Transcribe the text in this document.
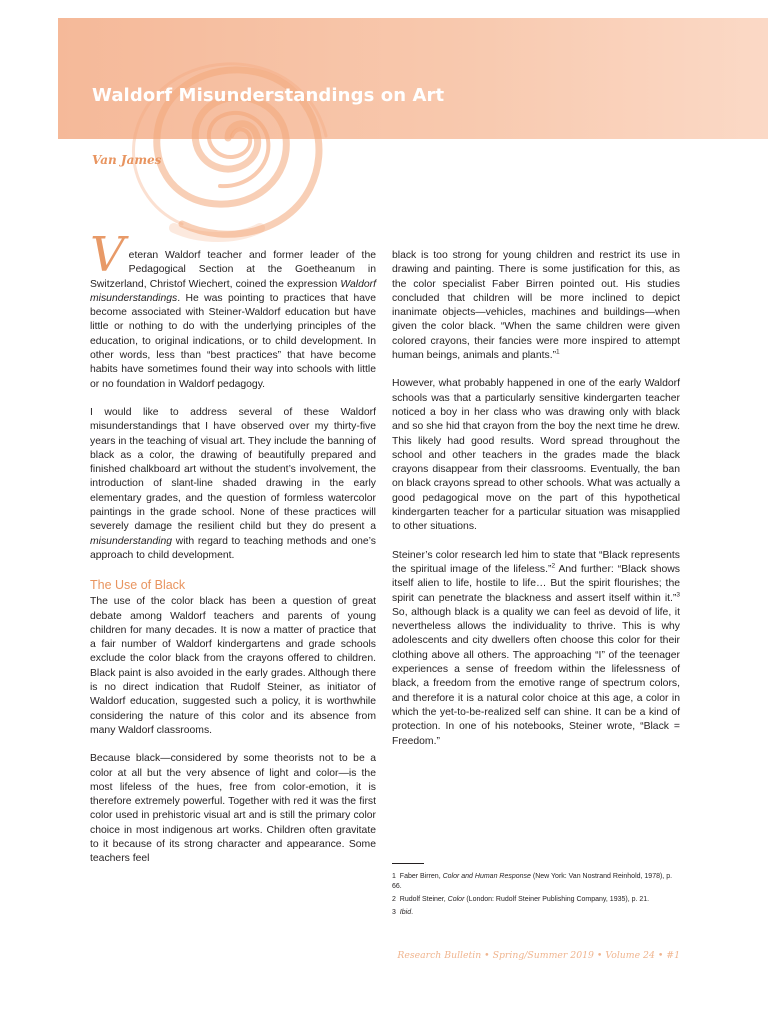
Waldorf Misunderstandings on Art
Van James

Veteran Waldorf teacher and former leader of the Pedagogical Section at the Goetheanum in Switzerland, Christof Wiechert, coined the expression Waldorf misunderstandings. He was pointing to practices that have become associated with Steiner-Waldorf education but have little or nothing to do with the underlying principles of the education, to original indications, or to child development. In other words, less than “best practices” that have become habits have sometimes found their way into schools with little or no foundation in Waldorf pedagogy.

I would like to address several of these Waldorf misunderstandings that I have observed over my thirty-five years in the teaching of visual art. They include the banning of black as a color, the drawing of beautifully prepared and finished chalkboard art without the student’s involvement, the introduction of slant-line shaded drawing in the early elementary grades, and the question of formless watercolor paintings in the grade school. None of these practices will severely damage the resilient child but they do present a misunderstanding with regard to teaching methods and one’s approach to child development.

The Use of Black

The use of the color black has been a question of great debate among Waldorf teachers and parents of young children for many decades. It is now a matter of practice that a fair number of Waldorf kindergartens and grade schools exclude the color black from the crayons offered to children. Black paint is also avoided in the early grades. Although there is no direct indication that Rudolf Steiner, as initiator of Waldorf education, suggested such a policy, it is worthwhile considering the nature of this color and its absence from many Waldorf classrooms.

Because black—considered by some theorists not to be a color at all but the very absence of light and color—is the most lifeless of the hues, free from color-emotion, it is therefore extremely powerful. Together with red it was the first color used in prehistoric visual art and is still the primary color choice in most indigenous art works. Children often gravitate to it because of its strong character and appearance. Some teachers feel

black is too strong for young children and restrict its use in drawing and painting. There is some justification for this, as the color specialist Faber Birren pointed out. His studies concluded that children will be more inclined to depict inanimate objects—vehicles, machines and buildings—when given the color black. “When the same children were given colored crayons, their fancies were more inspired to attempt human beings, animals and plants.”$^1$

However, what probably happened in one of the early Waldorf schools was that a particularly sensitive kindergarten teacher noticed a boy in her class who was drawing only with black and so she hid that crayon from the boy the next time he drew. This likely had good results. Word spread throughout the school and other teachers in the grades made the black crayons disappear from their classrooms. Eventually, the ban on black crayons spread to other schools. What was actually a good pedagogical move on the part of this hypothetical kindergarten teacher for a particular situation was misapplied to other situations.

Steiner’s color research led him to state that “Black represents the spiritual image of the lifeless.”$^2$ And further: “Black shows itself alien to life, hostile to life… But the spirit flourishes; the spirit can penetrate the blackness and assert itself within it.”$^3$ So, although black is a quality we can feel as devoid of life, it nevertheless allows the individuality to thrive. This is why adolescents and city dwellers often choose this color for their clothing above all others. The approaching “I” of the teenager experiences a sense of freedom within the lifelessness of black, a freedom from the emotive range of spectrum colors, and therefore it is a natural color choice at this age, a color in which the yet-to-be-realized self can shine. It can be a kind of protection. In one of his notebooks, Steiner wrote, “Black = Freedom.”

1 Faber Birren, Color and Human Response (New York: Van Nostrand Reinhold, 1978), p. 66.
2 Rudolf Steiner, Color (London: Rudolf Steiner Publishing Company, 1935), p. 21.
3 Ibid.
Research Bulletin • Spring/Summer 2019 • Volume 24 • #1
